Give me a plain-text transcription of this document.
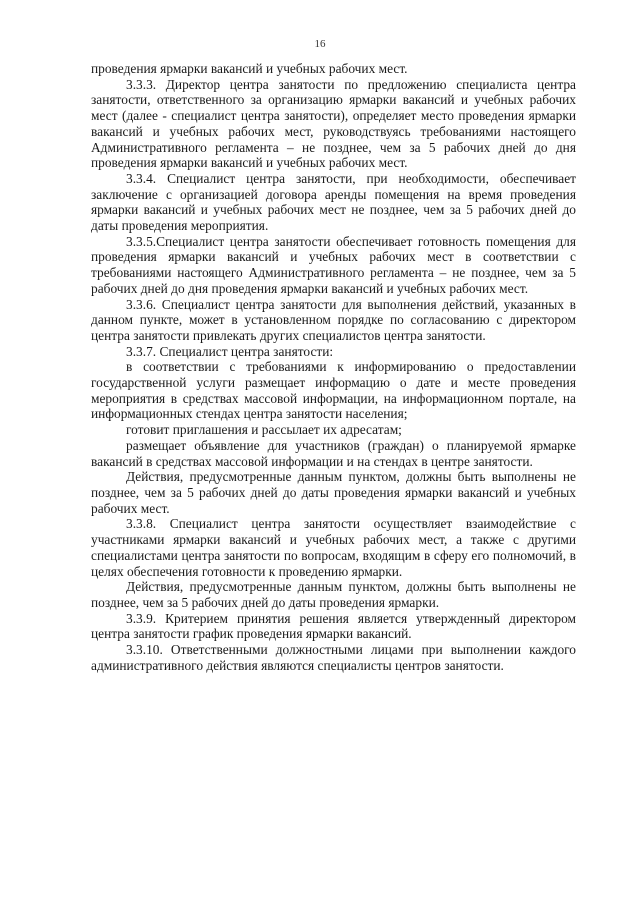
16

проведения ярмарки вакансий и учебных рабочих мест.

3.3.3. Директор центра занятости по предложению специалиста центра занятости, ответственного за организацию ярмарки вакансий и учебных рабочих мест (далее - специалист центра занятости), определяет место проведения ярмарки вакансий и учебных рабочих мест, руководствуясь требованиями настоящего Административного регламента – не позднее, чем за 5 рабочих дней до дня проведения ярмарки вакансий и учебных рабочих мест.

3.3.4. Специалист центра занятости, при необходимости, обеспечивает заключение с организацией договора аренды помещения на время проведения ярмарки вакансий и учебных рабочих мест не позднее, чем за 5 рабочих дней до даты проведения мероприятия.

3.3.5.Специалист центра занятости обеспечивает готовность помещения для проведения ярмарки вакансий и учебных рабочих мест в соответствии с требованиями настоящего Административного регламента – не позднее, чем за 5 рабочих дней до дня проведения ярмарки вакансий и учебных рабочих мест.

3.3.6. Специалист центра занятости для выполнения действий, указанных в данном пункте, может в установленном порядке по согласованию с директором центра занятости привлекать других специалистов центра занятости.

3.3.7. Специалист центра занятости:

в соответствии с требованиями к информированию о предоставлении государственной услуги размещает информацию о дате и месте проведения мероприятия в средствах массовой информации, на информационном портале, на информационных стендах центра занятости населения;

готовит приглашения и рассылает их адресатам;

размещает объявление для участников (граждан) о планируемой ярмарке вакансий в средствах массовой информации и на стендах в центре занятости.

Действия, предусмотренные данным пунктом, должны быть выполнены не позднее, чем за 5 рабочих дней до даты проведения ярмарки вакансий и учебных рабочих мест.

3.3.8. Специалист центра занятости осуществляет взаимодействие с участниками ярмарки вакансий и учебных рабочих мест, а также с другими специалистами центра занятости по вопросам, входящим в сферу его полномочий, в целях обеспечения готовности к проведению ярмарки.

Действия, предусмотренные данным пунктом, должны быть выполнены не позднее, чем за 5 рабочих дней до даты проведения ярмарки.

3.3.9. Критерием принятия решения является утвержденный директором центра занятости график проведения ярмарки вакансий.

3.3.10. Ответственными должностными лицами при выполнении каждого административного действия являются специалисты центров занятости.
